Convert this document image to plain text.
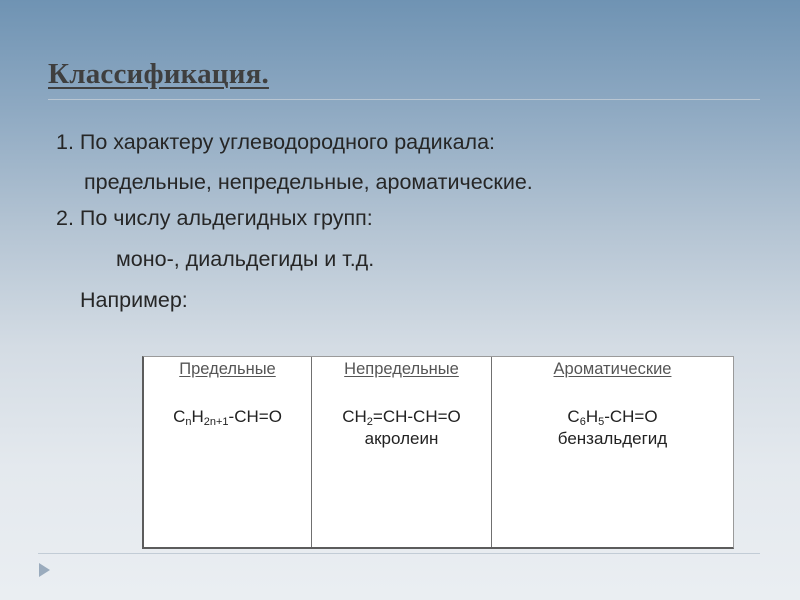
Классификация.
1. По характеру углеводородного радикала:
предельные, непредельные, ароматические.
2. По числу альдегидных групп:
моно-, диальдегиды и т.д.
Например:
Предельные
$C_nH_{2n+1}-CH=O$
Непредельные
$CH_2=CH-CH=O$
акролеин
Ароматические
$C_6H_5-CH=O$
бензальдегид
